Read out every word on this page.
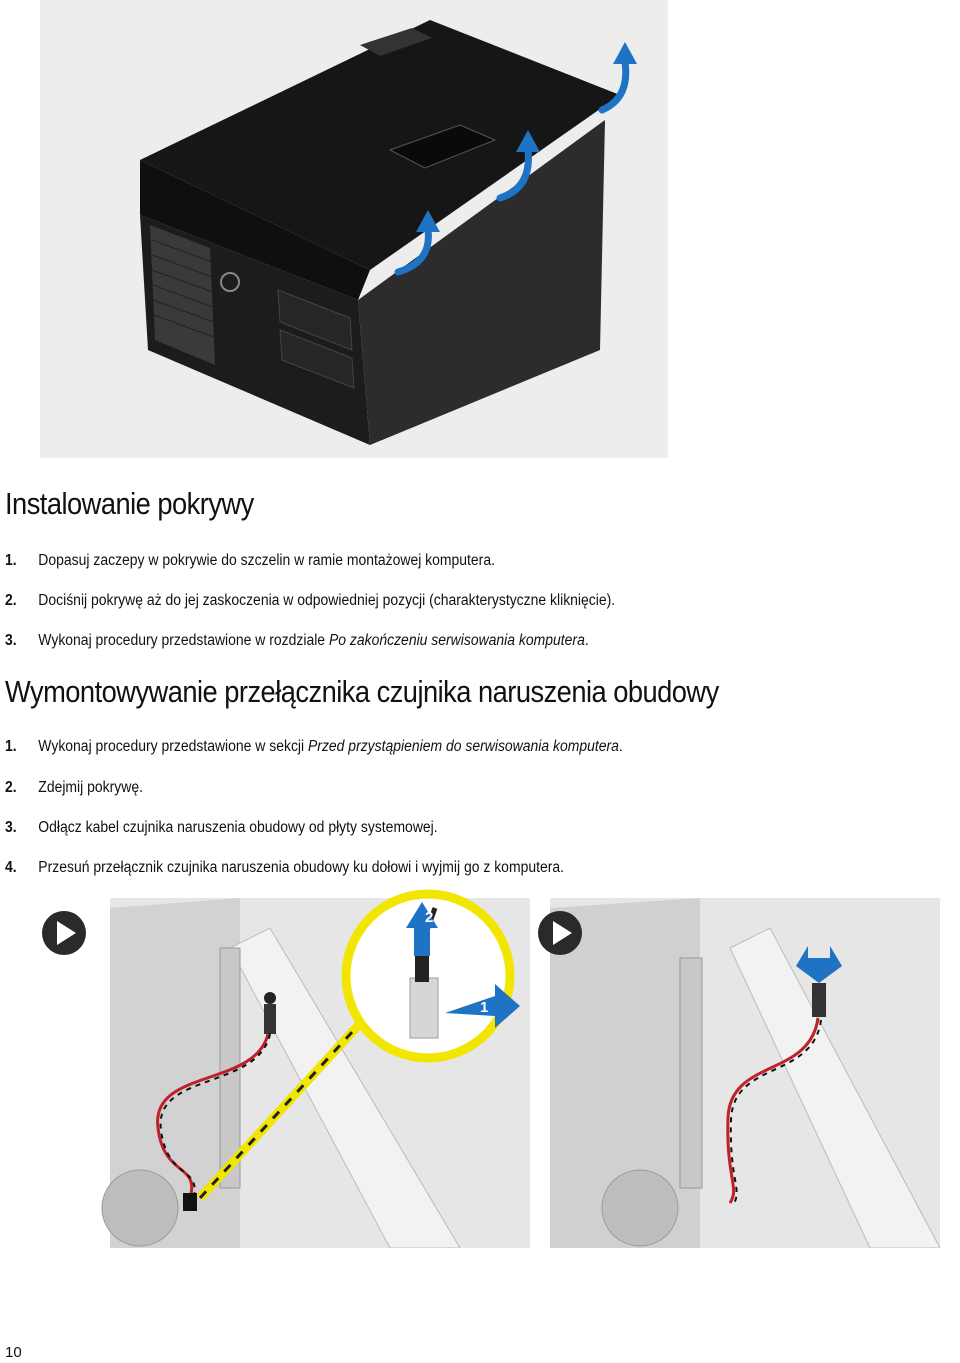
Instalowanie pokrywy
1. Dopasuj zaczepy w pokrywie do szczelin w ramie montażowej komputera.
2. Dociśnij pokrywę aż do jej zaskoczenia w odpowiedniej pozycji (charakterystyczne kliknięcie).
3. Wykonaj procedury przedstawione w rozdziale Po zakończeniu serwisowania komputera.
Wymontowywanie przełącznika czujnika naruszenia obudowy
1. Wykonaj procedury przedstawione w sekcji Przed przystąpieniem do serwisowania komputera.
2. Zdejmij pokrywę.
3. Odłącz kabel czujnika naruszenia obudowy od płyty systemowej.
4. Przesuń przełącznik czujnika naruszenia obudowy ku dołowi i wyjmij go z komputera.
2
1
10
